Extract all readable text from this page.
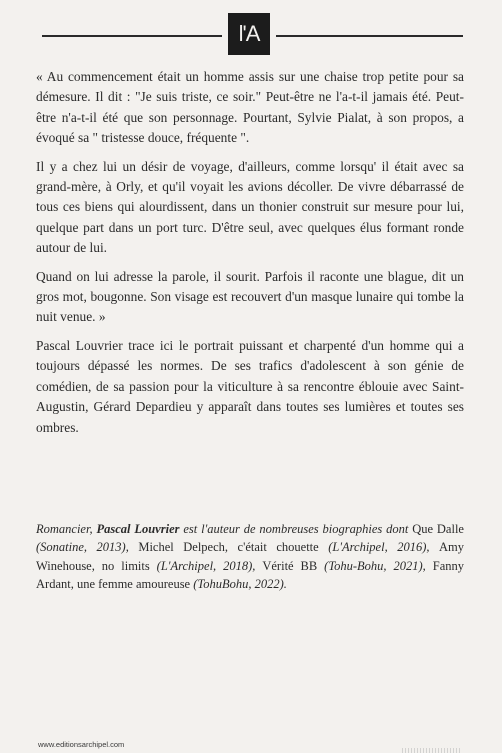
l'A

« Au commencement était un homme assis sur une chaise trop petite pour sa démesure. Il dit : "Je suis triste, ce soir." Peut-être ne l'a-t-il jamais été. Peut-être n'a-t-il été que son personnage. Pourtant, Sylvie Pialat, à son propos, a évoqué sa " tristesse douce, fréquente ".

Il y a chez lui un désir de voyage, d'ailleurs, comme lorsqu' il était avec sa grand-mère, à Orly, et qu'il voyait les avions décoller. De vivre débarrassé de tous ces biens qui alourdissent, dans un thonier construit sur mesure pour lui, quelque part dans un port turc. D'être seul, avec quelques élus formant ronde autour de lui.

Quand on lui adresse la parole, il sourit. Parfois il raconte une blague, dit un gros mot, bougonne. Son visage est recouvert d'un masque lunaire qui tombe la nuit venue. »

Pascal Louvrier trace ici le portrait puissant et charpenté d'un homme qui a toujours dépassé les normes. De ses trafics d'adolescent à son génie de comédien, de sa passion pour la viticulture à sa rencontre éblouie avec Saint-Augustin, Gérard Depardieu y apparaît dans toutes ses lumières et toutes ses ombres.

Romancier, Pascal Louvrier est l'auteur de nombreuses biographies dont Que Dalle (Sonatine, 2013), Michel Delpech, c'était chouette (L'Archipel, 2016), Amy Winehouse, no limits (L'Archipel, 2018), Vérité BB (Tohu-Bohu, 2021), Fanny Ardant, une femme amoureuse (TohuBohu, 2022).
www.editionsarchipel.com
